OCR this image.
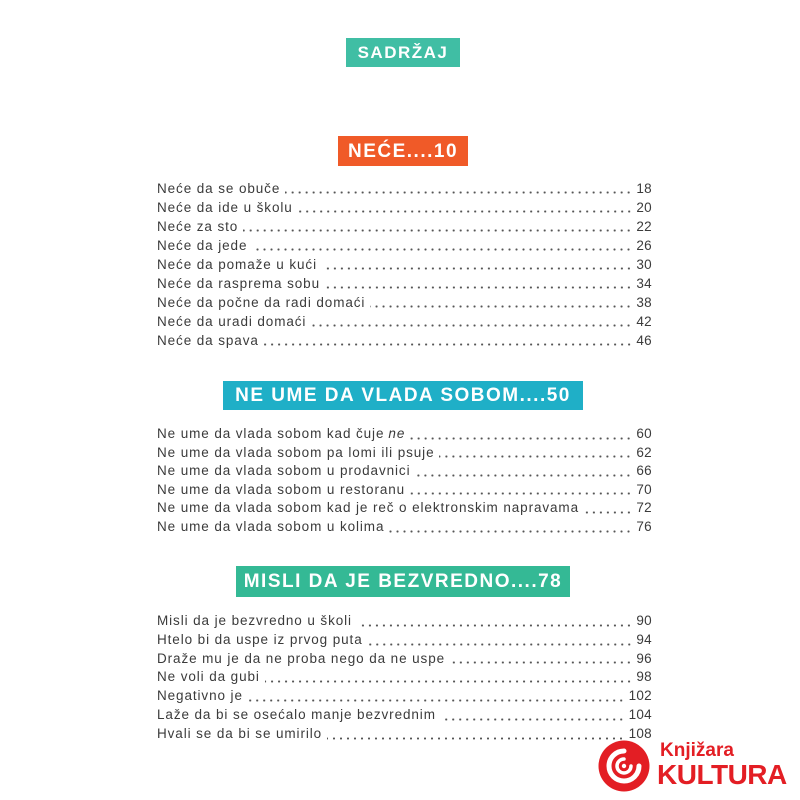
SADRŽAJ
NEĆE....10
Neće da se obuče	18
Neće da ide u školu	20
Neće za sto	22
Neće da jede	26
Neće da pomaže u kući	30
Neće da rasprema sobu	34
Neće da počne da radi domaći	38
Neće da uradi domaći	42
Neće da spava	46
NE UME DA VLADA SOBOM....50
Ne ume da vlada sobom kad čuje ne	60
Ne ume da vlada sobom pa lomi ili psuje	62
Ne ume da vlada sobom u prodavnici	66
Ne ume da vlada sobom u restoranu	70
Ne ume da vlada sobom kad je reč o elektronskim napravama	72
Ne ume da vlada sobom u kolima	76
MISLI DA JE BEZVREDNO....78
Misli da je bezvredno u školi	90
Htelo bi da uspe iz prvog puta	94
Draže mu je da ne proba nego da ne uspe	96
Ne voli da gubi	98
Negativno je	102
Laže da bi se osećalo manje bezvrednim	104
Hvali se da bi se umirilo	108
Knjižara
KULTURA
